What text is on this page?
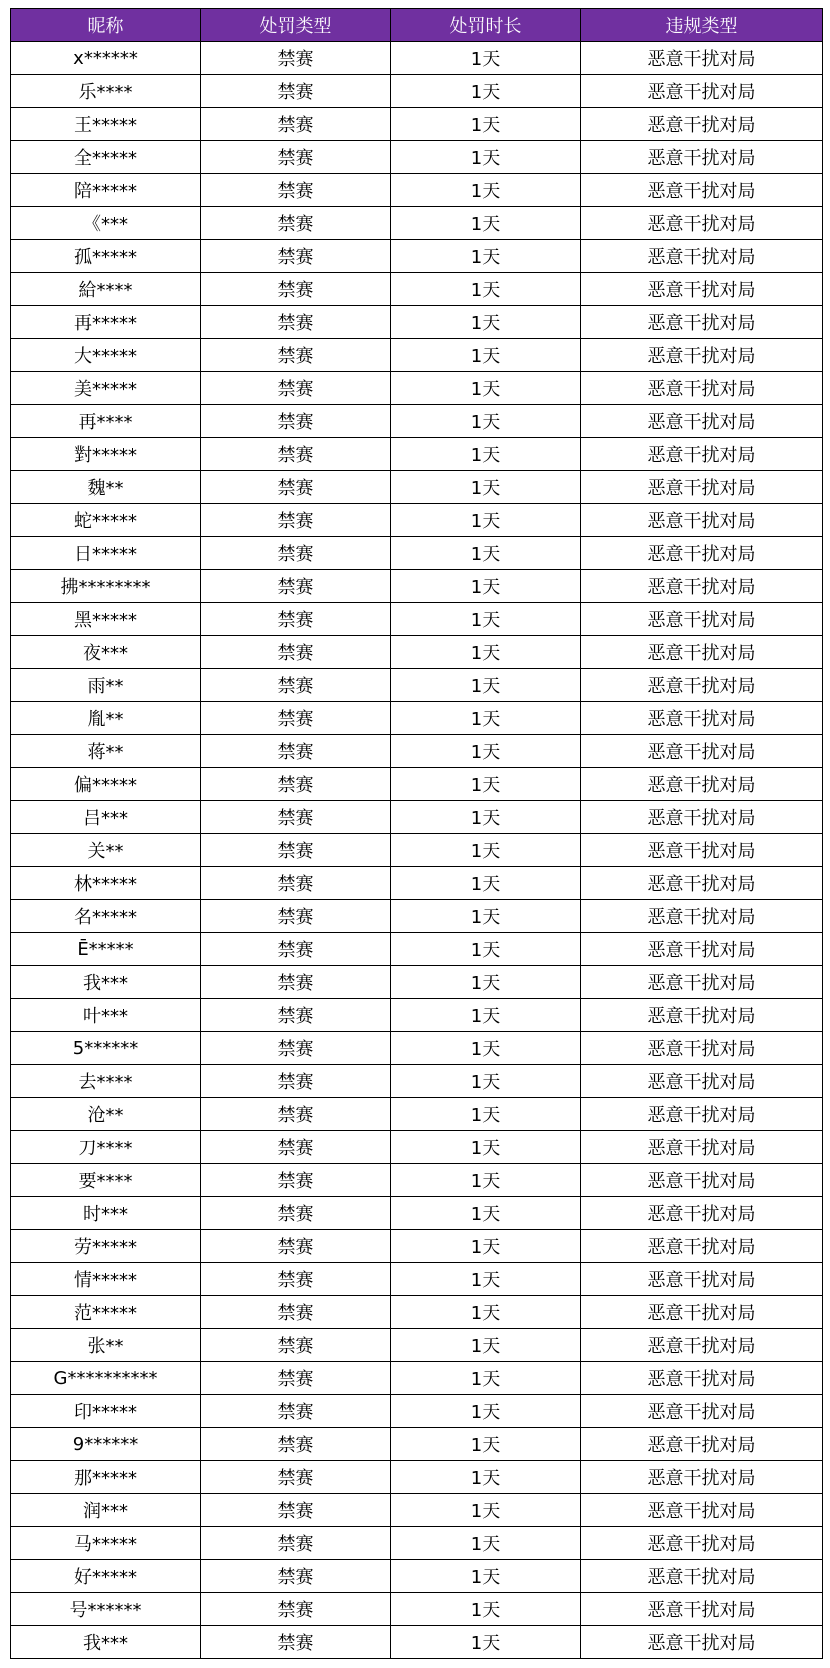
昵称	处罚类型	处罚时长	违规类型
x******	禁赛	1天	恶意干扰对局
乐****	禁赛	1天	恶意干扰对局
王*****	禁赛	1天	恶意干扰对局
全*****	禁赛	1天	恶意干扰对局
陪*****	禁赛	1天	恶意干扰对局
《***	禁赛	1天	恶意干扰对局
孤*****	禁赛	1天	恶意干扰对局
給****	禁赛	1天	恶意干扰对局
再*****	禁赛	1天	恶意干扰对局
大*****	禁赛	1天	恶意干扰对局
美*****	禁赛	1天	恶意干扰对局
再****	禁赛	1天	恶意干扰对局
對*****	禁赛	1天	恶意干扰对局
魏**	禁赛	1天	恶意干扰对局
蛇*****	禁赛	1天	恶意干扰对局
日*****	禁赛	1天	恶意干扰对局
拂********	禁赛	1天	恶意干扰对局
黑*****	禁赛	1天	恶意干扰对局
夜***	禁赛	1天	恶意干扰对局
雨**	禁赛	1天	恶意干扰对局
胤**	禁赛	1天	恶意干扰对局
蒋**	禁赛	1天	恶意干扰对局
偏*****	禁赛	1天	恶意干扰对局
吕***	禁赛	1天	恶意干扰对局
关**	禁赛	1天	恶意干扰对局
林*****	禁赛	1天	恶意干扰对局
名*****	禁赛	1天	恶意干扰对局
Ē*****	禁赛	1天	恶意干扰对局
我***	禁赛	1天	恶意干扰对局
叶***	禁赛	1天	恶意干扰对局
5******	禁赛	1天	恶意干扰对局
去****	禁赛	1天	恶意干扰对局
沧**	禁赛	1天	恶意干扰对局
刀****	禁赛	1天	恶意干扰对局
要****	禁赛	1天	恶意干扰对局
时***	禁赛	1天	恶意干扰对局
劳*****	禁赛	1天	恶意干扰对局
情*****	禁赛	1天	恶意干扰对局
范*****	禁赛	1天	恶意干扰对局
张**	禁赛	1天	恶意干扰对局
G**********	禁赛	1天	恶意干扰对局
印*****	禁赛	1天	恶意干扰对局
9******	禁赛	1天	恶意干扰对局
那*****	禁赛	1天	恶意干扰对局
润***	禁赛	1天	恶意干扰对局
马*****	禁赛	1天	恶意干扰对局
好*****	禁赛	1天	恶意干扰对局
号******	禁赛	1天	恶意干扰对局
我***	禁赛	1天	恶意干扰对局
